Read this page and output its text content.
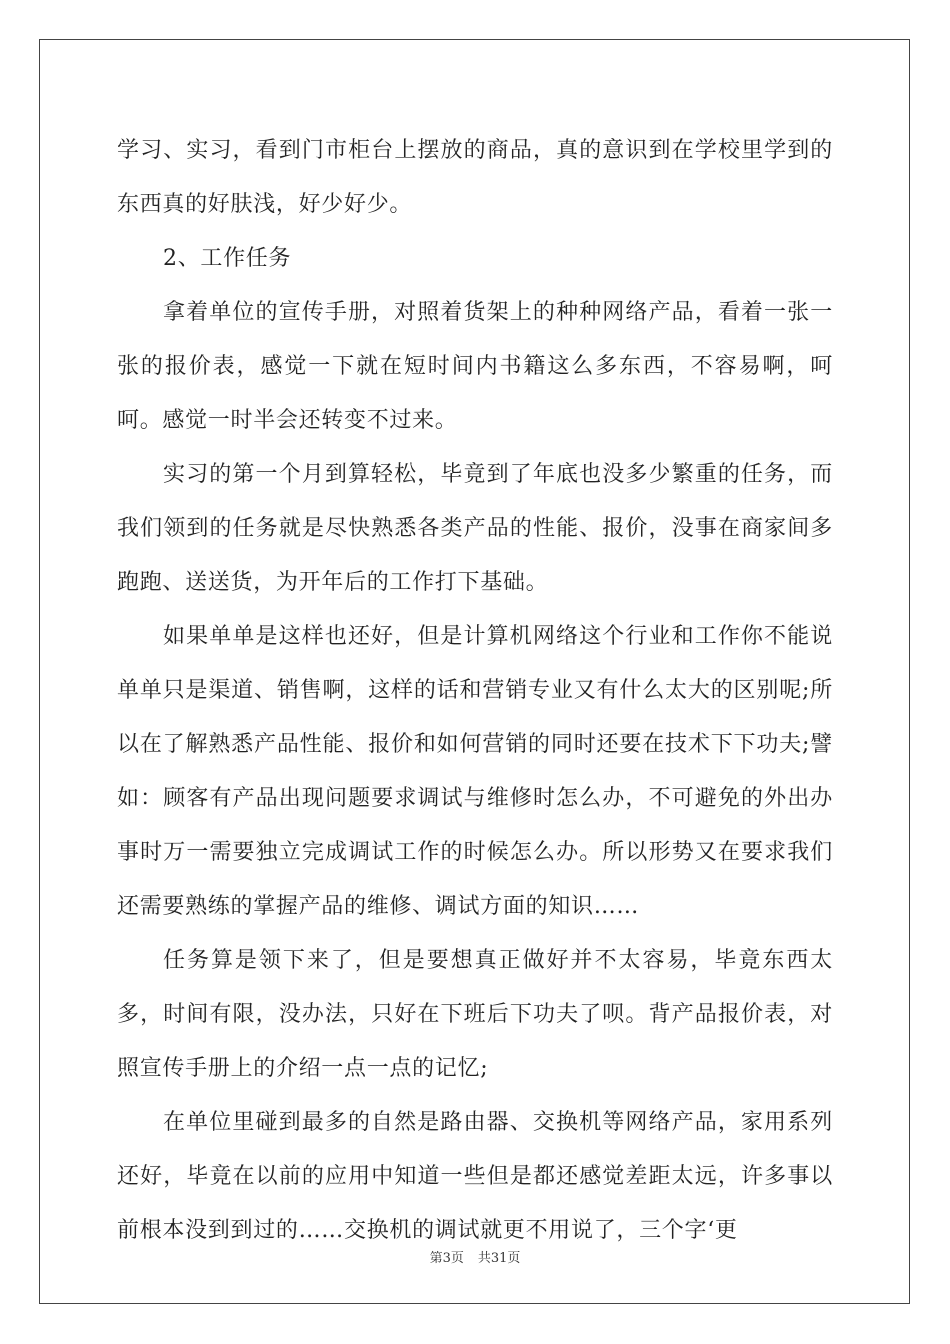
学习、实习，看到门市柜台上摆放的商品，真的意识到在学校里学到的东西真的好肤浅，好少好少。

2、工作任务

拿着单位的宣传手册，对照着货架上的种种网络产品，看着一张一张的报价表，感觉一下就在短时间内书籍这么多东西，不容易啊，呵呵。感觉一时半会还转变不过来。

实习的第一个月到算轻松，毕竟到了年底也没多少繁重的任务，而我们领到的任务就是尽快熟悉各类产品的性能、报价，没事在商家间多跑跑、送送货，为开年后的工作打下基础。

如果单单是这样也还好，但是计算机网络这个行业和工作你不能说单单只是渠道、销售啊，这样的话和营销专业又有什么太大的区别呢;所以在了解熟悉产品性能、报价和如何营销的同时还要在技术下下功夫;譬如：顾客有产品出现问题要求调试与维修时怎么办，不可避免的外出办事时万一需要独立完成调试工作的时候怎么办。所以形势又在要求我们还需要熟练的掌握产品的维修、调试方面的知识……

任务算是领下来了，但是要想真正做好并不太容易，毕竟东西太多，时间有限，没办法，只好在下班后下功夫了呗。背产品报价表，对照宣传手册上的介绍一点一点的记忆;

在单位里碰到最多的自然是路由器、交换机等网络产品，家用系列还好，毕竟在以前的应用中知道一些但是都还感觉差距太远，许多事以前根本没到到过的……交换机的调试就更不用说了，三个字‘更

第3页 共31页
